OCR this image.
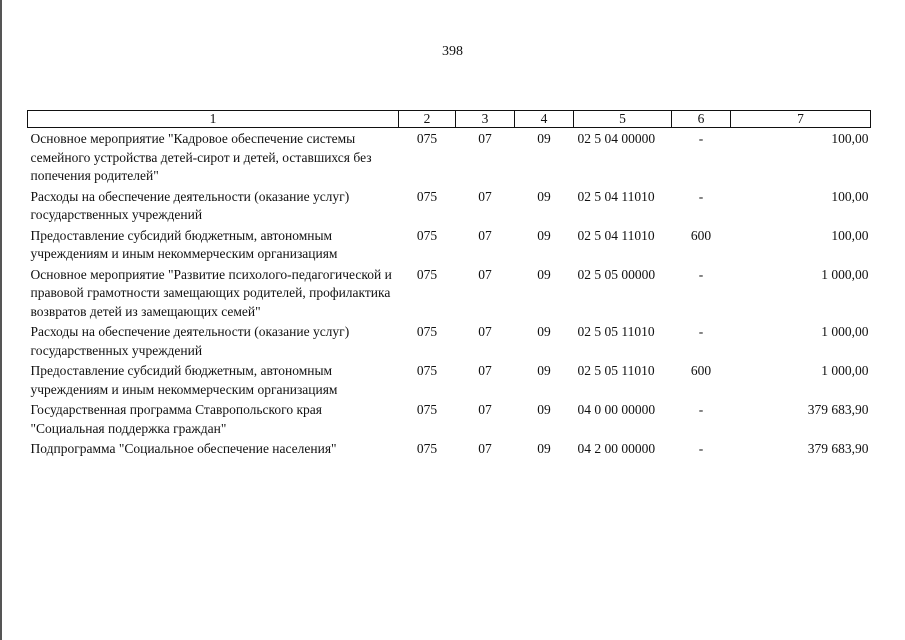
398
1	2	3	4	5	6	7
Основное мероприятие "Кадровое обеспечение системы семейного устройства детей-сирот и детей, оставшихся без попечения родителей"	075	07	09	02 5 04 00000	-	100,00
Расходы на обеспечение деятельности (оказание услуг) государственных учреждений	075	07	09	02 5 04 11010	-	100,00
Предоставление субсидий бюджетным, автономным учреждениям и иным некоммерческим организациям	075	07	09	02 5 04 11010	600	100,00
Основное мероприятие "Развитие психолого-педагогической и правовой грамотности замещающих родителей, профилактика возвратов детей из замещающих семей"	075	07	09	02 5 05 00000	-	1 000,00
Расходы на обеспечение деятельности (оказание услуг) государственных учреждений	075	07	09	02 5 05 11010	-	1 000,00
Предоставление субсидий бюджетным, автономным учреждениям и иным некоммерческим организациям	075	07	09	02 5 05 11010	600	1 000,00
Государственная программа Ставропольского края "Социальная поддержка граждан"	075	07	09	04 0 00 00000	-	379 683,90
Подпрограмма "Социальное обеспечение населения"	075	07	09	04 2 00 00000	-	379 683,90
